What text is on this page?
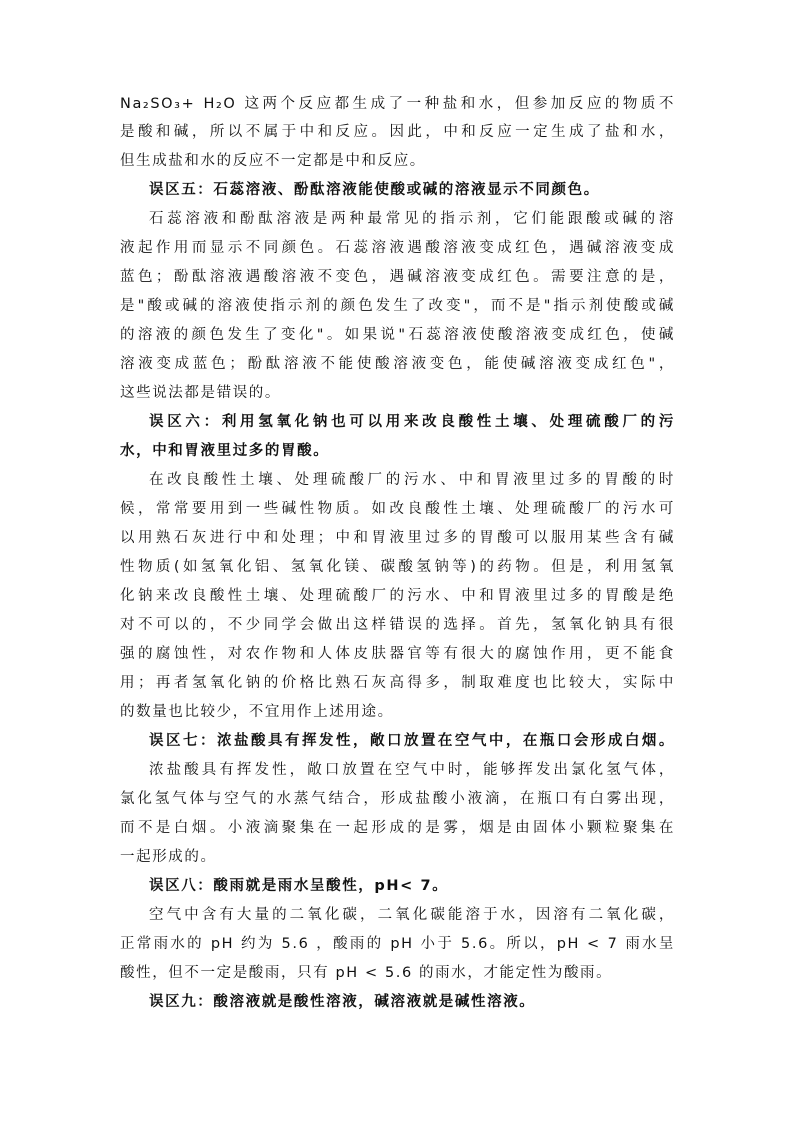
Na₂SO₃+ H₂O 这两个反应都生成了一种盐和水，但参加反应的物质不
是酸和碱，所以不属于中和反应。因此，中和反应一定生成了盐和水，
但生成盐和水的反应不一定都是中和反应。
误区五：石蕊溶液、酚酞溶液能使酸或碱的溶液显示不同颜色。
石蕊溶液和酚酞溶液是两种最常见的指示剂，它们能跟酸或碱的溶
液起作用而显示不同颜色。石蕊溶液遇酸溶液变成红色，遇碱溶液变成
蓝色；酚酞溶液遇酸溶液不变色，遇碱溶液变成红色。需要注意的是，
是"酸或碱的溶液使指示剂的颜色发生了改变"，而不是"指示剂使酸或碱
的溶液的颜色发生了变化"。如果说"石蕊溶液使酸溶液变成红色，使碱
溶液变成蓝色；酚酞溶液不能使酸溶液变色，能使碱溶液变成红色"，
这些说法都是错误的。
误区六：利用氢氧化钠也可以用来改良酸性土壤、处理硫酸厂的污
水，中和胃液里过多的胃酸。
在改良酸性土壤、处理硫酸厂的污水、中和胃液里过多的胃酸的时
候，常常要用到一些碱性物质。如改良酸性土壤、处理硫酸厂的污水可
以用熟石灰进行中和处理；中和胃液里过多的胃酸可以服用某些含有碱
性物质(如氢氧化铝、氢氧化镁、碳酸氢钠等)的药物。但是，利用氢氧
化钠来改良酸性土壤、处理硫酸厂的污水、中和胃液里过多的胃酸是绝
对不可以的，不少同学会做出这样错误的选择。首先，氢氧化钠具有很
强的腐蚀性，对农作物和人体皮肤器官等有很大的腐蚀作用，更不能食
用；再者氢氧化钠的价格比熟石灰高得多，制取难度也比较大，实际中
的数量也比较少，不宜用作上述用途。
误区七：浓盐酸具有挥发性，敞口放置在空气中，在瓶口会形成白烟。
浓盐酸具有挥发性，敞口放置在空气中时，能够挥发出氯化氢气体，
氯化氢气体与空气的水蒸气结合，形成盐酸小液滴，在瓶口有白雾出现，
而不是白烟。小液滴聚集在一起形成的是雾，烟是由固体小颗粒聚集在
一起形成的。
误区八：酸雨就是雨水呈酸性，pH< 7。
空气中含有大量的二氧化碳，二氧化碳能溶于水，因溶有二氧化碳，
正常雨水的 pH 约为 5.6 ，酸雨的 pH 小于 5.6。所以，pH < 7 雨水呈
酸性，但不一定是酸雨，只有 pH < 5.6 的雨水，才能定性为酸雨。
误区九：酸溶液就是酸性溶液，碱溶液就是碱性溶液。
